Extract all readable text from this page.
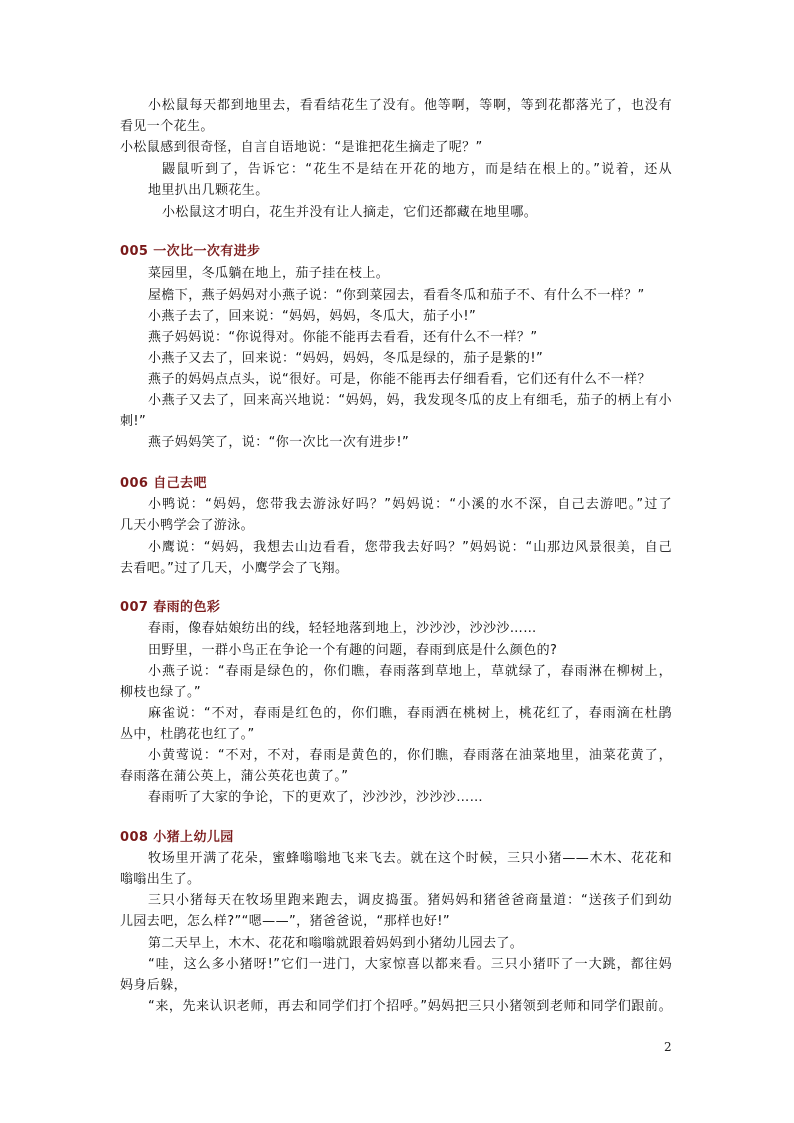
小松鼠每天都到地里去，看看结花生了没有。他等啊，等啊，等到花都落光了，也没有
看见一个花生。
小松鼠感到很奇怪，自言自语地说：“是谁把花生摘走了呢？”
鼹鼠听到了，告诉它：“花生不是结在开花的地方，而是结在根上的。”说着，还从
地里扒出几颗花生。
小松鼠这才明白，花生并没有让人摘走，它们还都藏在地里哪。
005 一次比一次有进步
菜园里，冬瓜躺在地上，茄子挂在枝上。
屋檐下，燕子妈妈对小燕子说：“你到菜园去，看看冬瓜和茄子不、有什么不一样？”
小燕子去了，回来说：“妈妈，妈妈，冬瓜大，茄子小!”
燕子妈妈说：“你说得对。你能不能再去看看，还有什么不一样？”
小燕子又去了，回来说：“妈妈，妈妈，冬瓜是绿的，茄子是紫的!”
燕子的妈妈点点头，说“很好。可是，你能不能再去仔细看看，它们还有什么不一样？
小燕子又去了，回来高兴地说：“妈妈，妈，我发现冬瓜的皮上有细毛，茄子的柄上有小
刺!”
燕子妈妈笑了，说：“你一次比一次有进步!”
006 自己去吧
小鸭说：“妈妈，您带我去游泳好吗？”妈妈说：“小溪的水不深，自己去游吧。”过了
几天小鸭学会了游泳。
小鹰说：“妈妈，我想去山边看看，您带我去好吗？”妈妈说：“山那边风景很美，自己
去看吧。”过了几天，小鹰学会了飞翔。
007 春雨的色彩
春雨，像春姑娘纺出的线，轻轻地落到地上，沙沙沙，沙沙沙……
田野里，一群小鸟正在争论一个有趣的问题，春雨到底是什么颜色的?
小燕子说：“春雨是绿色的，你们瞧，春雨落到草地上，草就绿了，春雨淋在柳树上，
柳枝也绿了。”
麻雀说：“不对，春雨是红色的，你们瞧，春雨洒在桃树上，桃花红了，春雨滴在杜鹃
丛中，杜鹃花也红了。”
小黄莺说：“不对，不对，春雨是黄色的，你们瞧，春雨落在油菜地里，油菜花黄了，
春雨落在蒲公英上，蒲公英花也黄了。”
春雨听了大家的争论，下的更欢了，沙沙沙，沙沙沙……
008 小猪上幼儿园
牧场里开满了花朵，蜜蜂嗡嗡地飞来飞去。就在这个时候，三只小猪——木木、花花和
嗡嗡出生了。
三只小猪每天在牧场里跑来跑去，调皮捣蛋。猪妈妈和猪爸爸商量道：“送孩子们到幼
儿园去吧，怎么样?”“嗯——”，猪爸爸说，“那样也好!”
第二天早上，木木、花花和嗡嗡就跟着妈妈到小猪幼儿园去了。
“哇，这么多小猪呀!”它们一进门，大家惊喜以都来看。三只小猪吓了一大跳，都往妈
妈身后躲，
“来，先来认识老师，再去和同学们打个招呼。”妈妈把三只小猪领到老师和同学们跟前。
2
